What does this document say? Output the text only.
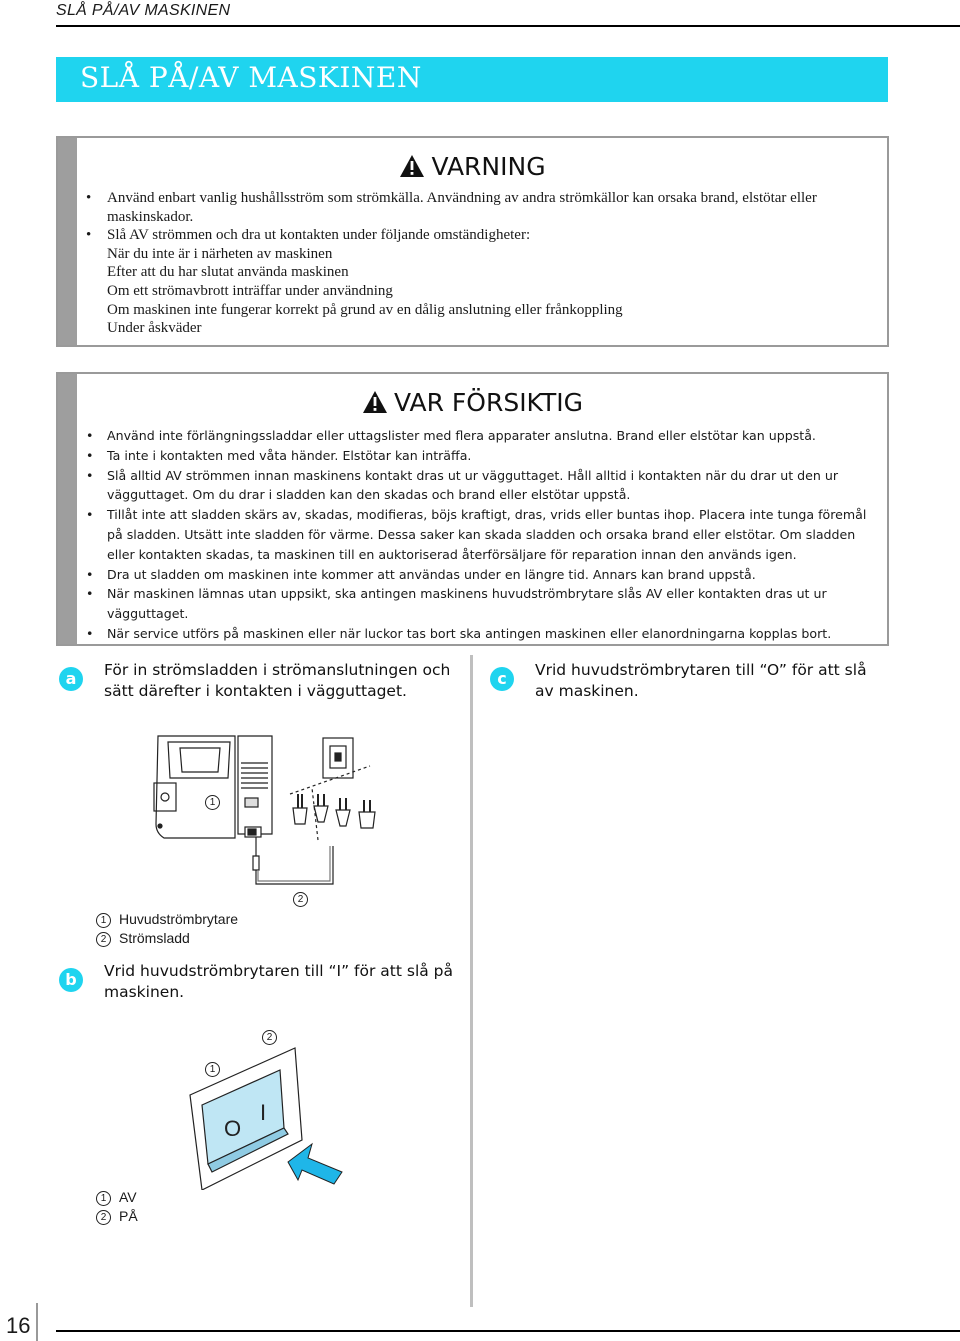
SLÅ PÅ/AV MASKINEN
SLÅ PÅ/AV MASKINEN
VARNING
• Använd enbart vanlig hushållsström som strömkälla. Användning av andra strömkällor kan orsaka brand, elstötar eller maskinskador.
• Slå AV strömmen och dra ut kontakten under följande omständigheter:
När du inte är i närheten av maskinen
Efter att du har slutat använda maskinen
Om ett strömavbrott inträffar under användning
Om maskinen inte fungerar korrekt på grund av en dålig anslutning eller frånkoppling
Under åskväder
VAR FÖRSIKTIG
• Använd inte förlängningssladdar eller uttagslister med flera apparater anslutna. Brand eller elstötar kan uppstå.
• Ta inte i kontakten med våta händer. Elstötar kan inträffa.
• Slå alltid AV strömmen innan maskinens kontakt dras ut ur vägguttaget. Håll alltid i kontakten när du drar ut den ur vägguttaget. Om du drar i sladden kan den skadas och brand eller elstötar uppstå.
• Tillåt inte att sladden skärs av, skadas, modifieras, böjs kraftigt, dras, vrids eller buntas ihop. Placera inte tunga föremål på sladden. Utsätt inte sladden för värme. Dessa saker kan skada sladden och orsaka brand eller elstötar. Om sladden eller kontakten skadas, ta maskinen till en auktoriserad återförsäljare för reparation innan den används igen.
• Dra ut sladden om maskinen inte kommer att användas under en längre tid. Annars kan brand uppstå.
• När maskinen lämnas utan uppsikt, ska antingen maskinens huvudströmbrytare slås AV eller kontakten dras ut ur vägguttaget.
• När service utförs på maskinen eller när luckor tas bort ska antingen maskinen eller elanordningarna kopplas bort.
a	För in strömsladden i strömanslutningen och sätt därefter i kontakten i vägguttaget.
c	Vrid huvudströmbrytaren till “O” för att slå av maskinen.
1
2
1 Huvudströmbrytare
2 Strömsladd
b	Vrid huvudströmbrytaren till “I” för att slå på maskinen.
O
I
1
2
1 AV
2 PÅ
16
